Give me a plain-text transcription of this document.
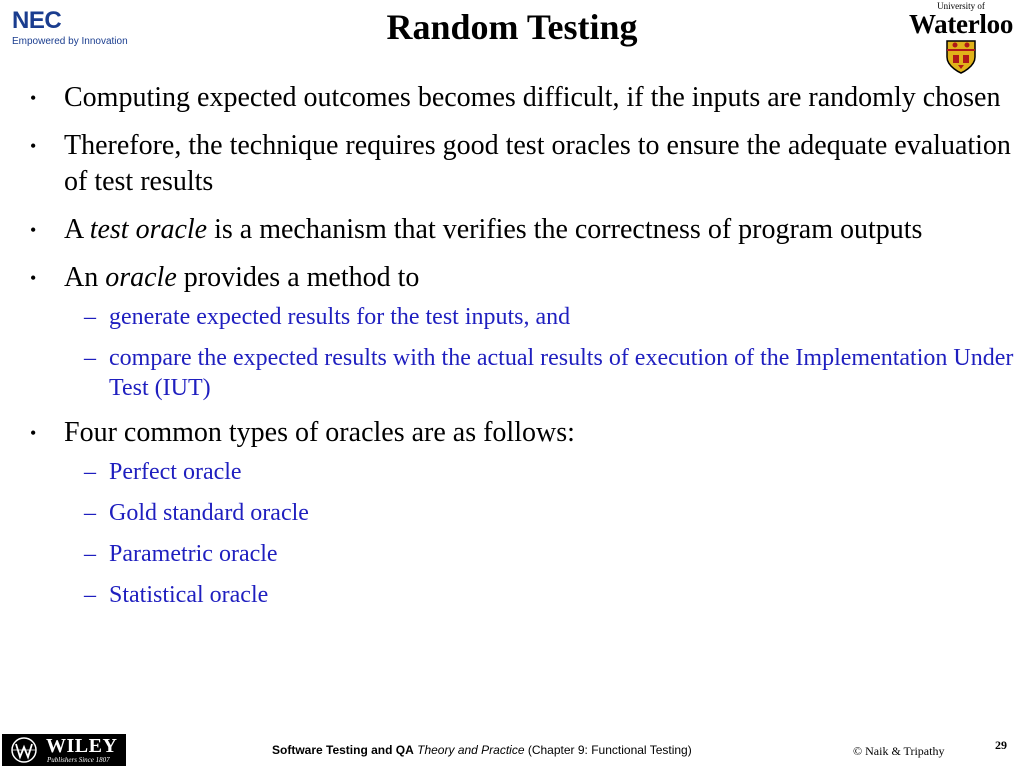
NEC
Empowered by Innovation	Random Testing
University of
Waterloo
• Computing expected outcomes becomes difficult, if the inputs are randomly chosen
• Therefore, the technique requires good test oracles to ensure the adequate evaluation of test results
• A test oracle is a mechanism that verifies the correctness of program outputs
• An oracle provides a method to
– generate expected results for the test inputs, and
– compare the expected results with the actual results of execution of the Implementation Under Test (IUT)
• Four common types of oracles are as follows:
– Perfect oracle
– Gold standard oracle
– Parametric oracle
– Statistical oracle
WILEY
Publishers Since 1807
Software Testing and QA Theory and Practice (Chapter 9: Functional Testing)	© Naik & Tripathy	29
